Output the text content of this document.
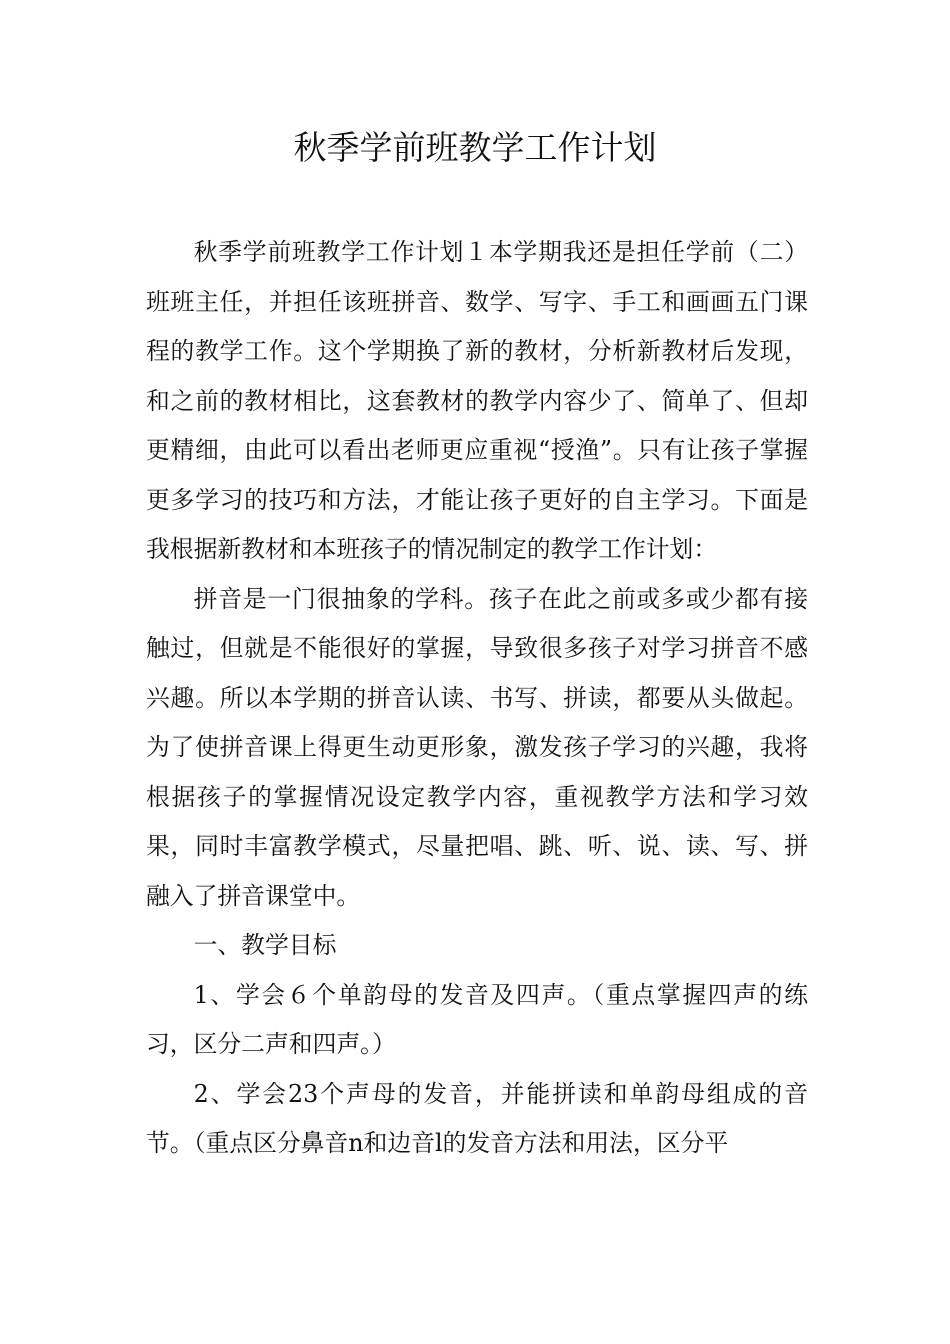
秋季学前班教学工作计划

秋季学前班教学工作计划１本学期我还是担任学前（二）班班主任，并担任该班拼音、数学、写字、手工和画画五门课程的教学工作。这个学期换了新的教材，分析新教材后发现，和之前的教材相比，这套教材的教学内容少了、简单了、但却更精细，由此可以看出老师更应重视“授渔”。只有让孩子掌握更多学习的技巧和方法，才能让孩子更好的自主学习。下面是我根据新教材和本班孩子的情况制定的教学工作计划：

拼音是一门很抽象的学科。孩子在此之前或多或少都有接触过，但就是不能很好的掌握，导致很多孩子对学习拼音不感兴趣。所以本学期的拼音认读、书写、拼读，都要从头做起。为了使拼音课上得更生动更形象，激发孩子学习的兴趣，我将根据孩子的掌握情况设定教学内容，重视教学方法和学习效果，同时丰富教学模式，尽量把唱、跳、听、说、读、写、拼融入了拼音课堂中。

一、教学目标

1、学会６个单韵母的发音及四声。（重点掌握四声的练习，区分二声和四声。）

2、学会23个声母的发音，并能拼读和单韵母组成的音节。（重点区分鼻音n和边音l的发音方法和用法，区分平
